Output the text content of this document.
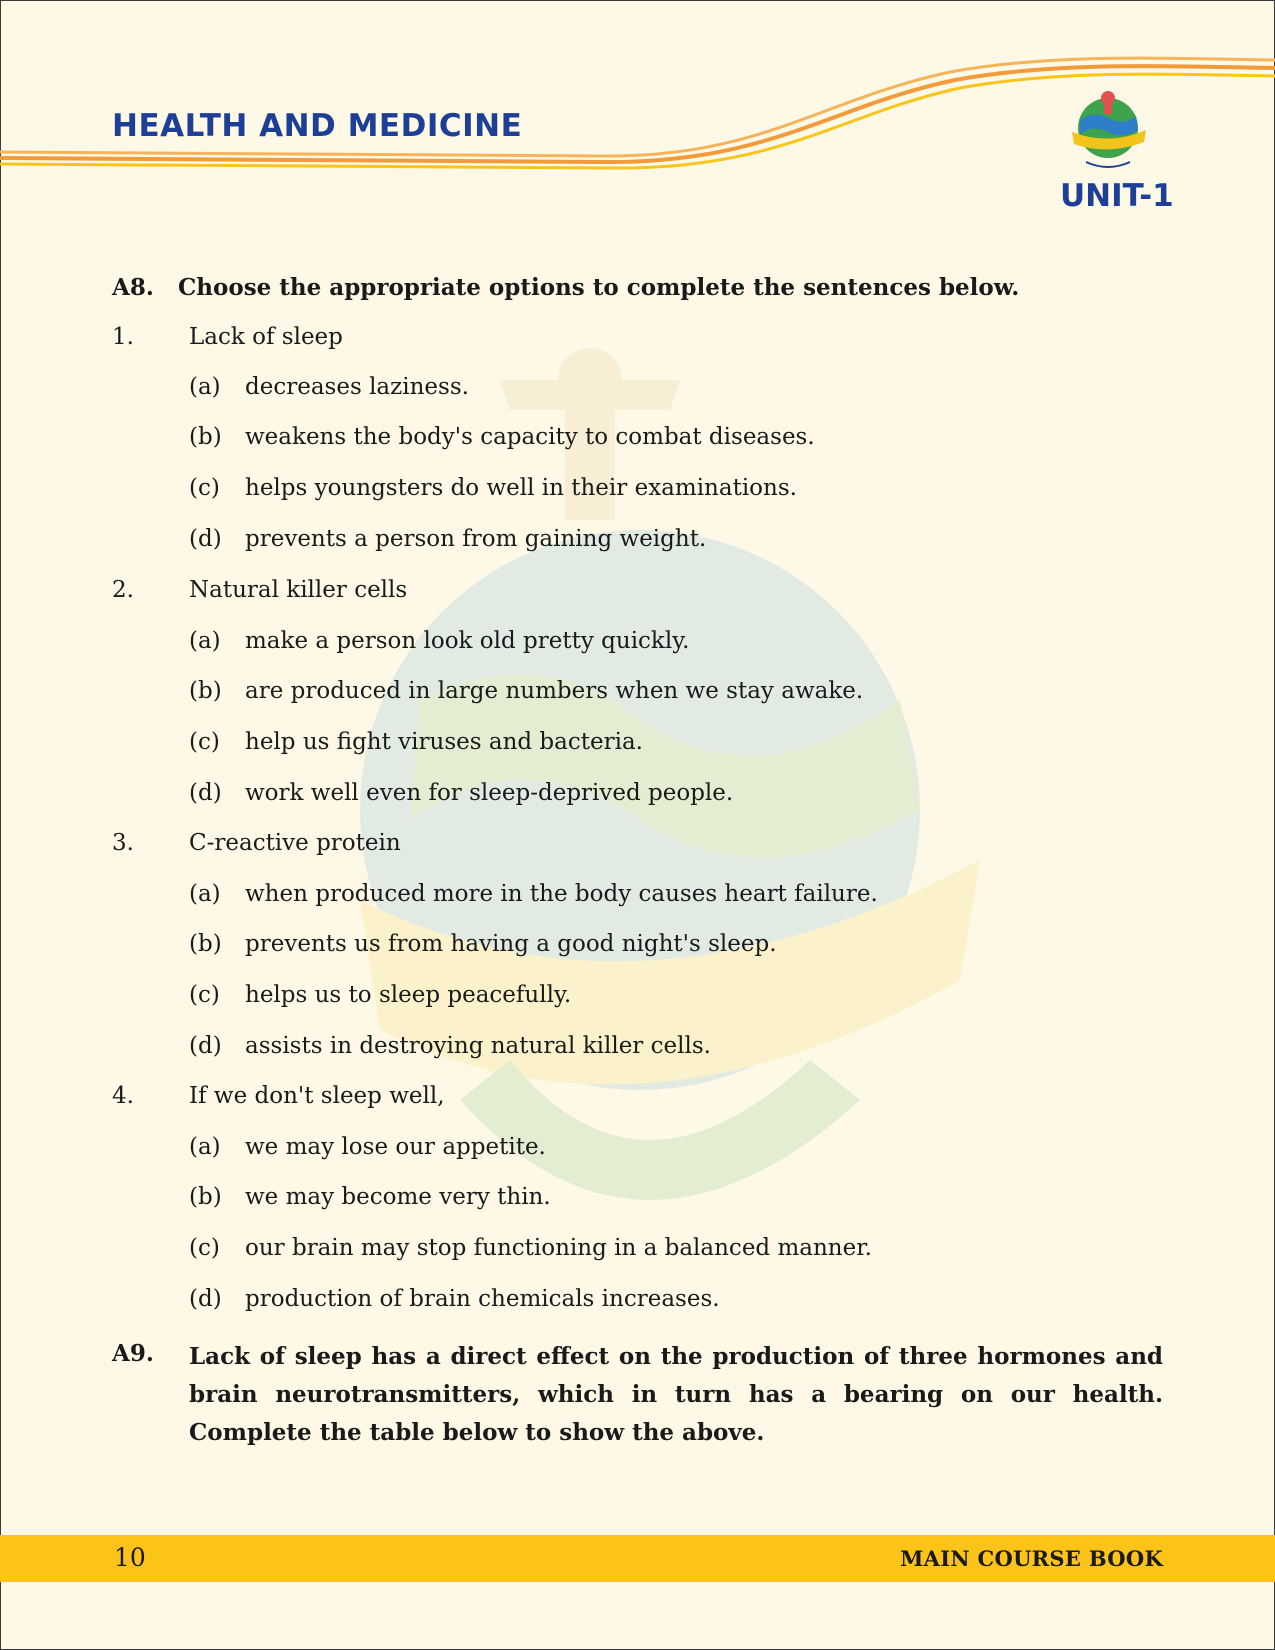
HEALTH AND MEDICINE
UNIT-1
A8. Choose the appropriate options to complete the sentences below.
1. Lack of sleep
(a) decreases laziness.
(b) weakens the body's capacity to combat diseases.
(c) helps youngsters do well in their examinations.
(d) prevents a person from gaining weight.
2. Natural killer cells
(a) make a person look old pretty quickly.
(b) are produced in large numbers when we stay awake.
(c) help us fight viruses and bacteria.
(d) work well even for sleep-deprived people.
3. C-reactive protein
(a) when produced more in the body causes heart failure.
(b) prevents us from having a good night's sleep.
(c) helps us to sleep peacefully.
(d) assists in destroying natural killer cells.
4. If we don't sleep well,
(a) we may lose our appetite.
(b) we may become very thin.
(c) our brain may stop functioning in a balanced manner.
(d) production of brain chemicals increases.
A9. Lack of sleep has a direct effect on the production of three hormones and brain neurotransmitters, which in turn has a bearing on our health. Complete the table below to show the above.
10	MAIN COURSE BOOK
